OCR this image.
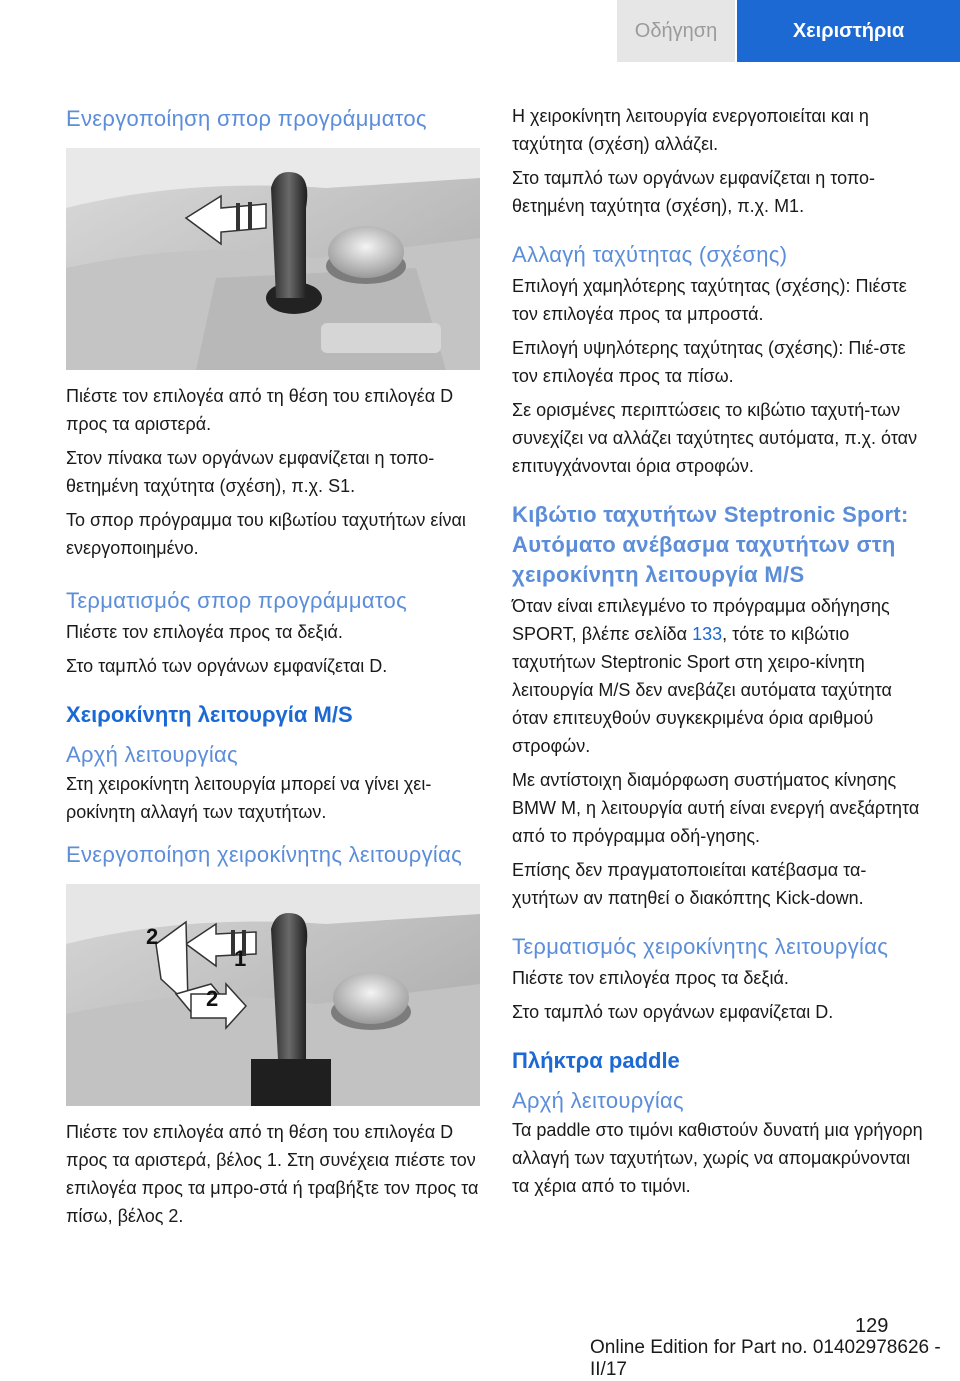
Οδήγηση	Χειριστήρια
Ενεργοποίηση σπορ προγράμματος

Πιέστε τον επιλογέα από τη θέση του επιλογέα D προς τα αριστερά.

Στον πίνακα των οργάνων εμφανίζεται η τοπο‐θετημένη ταχύτητα (σχέση), π.χ. S1.

Το σπορ πρόγραμμα του κιβωτίου ταχυτήτων είναι ενεργοποιημένο.

Τερματισμός σπορ προγράμματος

Πιέστε τον επιλογέα προς τα δεξιά.

Στο ταμπλό των οργάνων εμφανίζεται D.

Χειροκίνητη λειτουργία M/S
Αρχή λειτουργίας

Στη χειροκίνητη λειτουργία μπορεί να γίνει χει‐ροκίνητη αλλαγή των ταχυτήτων.

Ενεργοποίηση χειροκίνητης λειτουργίας
1
2
2

Πιέστε τον επιλογέα από τη θέση του επιλογέα D προς τα αριστερά, βέλος 1. Στη συνέχεια πιέστε τον επιλογέα προς τα μπρο‐στά ή τραβήξτε τον προς τα πίσω, βέλος 2.

Η χειροκίνητη λειτουργία ενεργοποιείται και η ταχύτητα (σχέση) αλλάζει.

Στο ταμπλό των οργάνων εμφανίζεται η τοπο‐θετημένη ταχύτητα (σχέση), π.χ. M1.

Αλλαγή ταχύτητας (σχέσης)

Επιλογή χαμηλότερης ταχύτητας (σχέσης): Πιέστε τον επιλογέα προς τα μπροστά.

Επιλογή υψηλότερης ταχύτητας (σχέσης): Πιέ‐στε τον επιλογέα προς τα πίσω.

Σε ορισμένες περιπτώσεις το κιβώτιο ταχυτή‐των συνεχίζει να αλλάζει ταχύτητες αυτόματα, π.χ. όταν επιτυγχάνονται όρια στροφών.

Κιβώτιο ταχυτήτων Steptronic Sport: Αυτόματο ανέβασμα ταχυτήτων στη χειροκίνητη λειτουργία M/S

Όταν είναι επιλεγμένο το πρόγραμμα οδήγησης SPORT, βλέπε σελίδα 133, τότε το κιβώτιο ταχυτήτων Steptronic Sport στη χειρο‐κίνητη λειτουργία M/S δεν ανεβάζει αυτόματα ταχύτητα όταν επιτευχθούν συγκεκριμένα όρια αριθμού στροφών.

Με αντίστοιχη διαμόρφωση συστήματος κίνησης BMW M, η λειτουργία αυτή είναι ενεργή ανεξάρτητα από το πρόγραμμα οδή‐γησης.

Επίσης δεν πραγματοποιείται κατέβασμα τα‐χυτήτων αν πατηθεί ο διακόπτης Kick-down.

Τερματισμός χειροκίνητης λειτουργίας

Πιέστε τον επιλογέα προς τα δεξιά.

Στο ταμπλό των οργάνων εμφανίζεται D.

Πλήκτρα paddle
Αρχή λειτουργίας

Τα paddle στο τιμόνι καθιστούν δυνατή μια γρήγορη αλλαγή των ταχυτήτων, χωρίς να απομακρύνονται τα χέρια από το τιμόνι.

129
Online Edition for Part no. 01402978626 - II/17
